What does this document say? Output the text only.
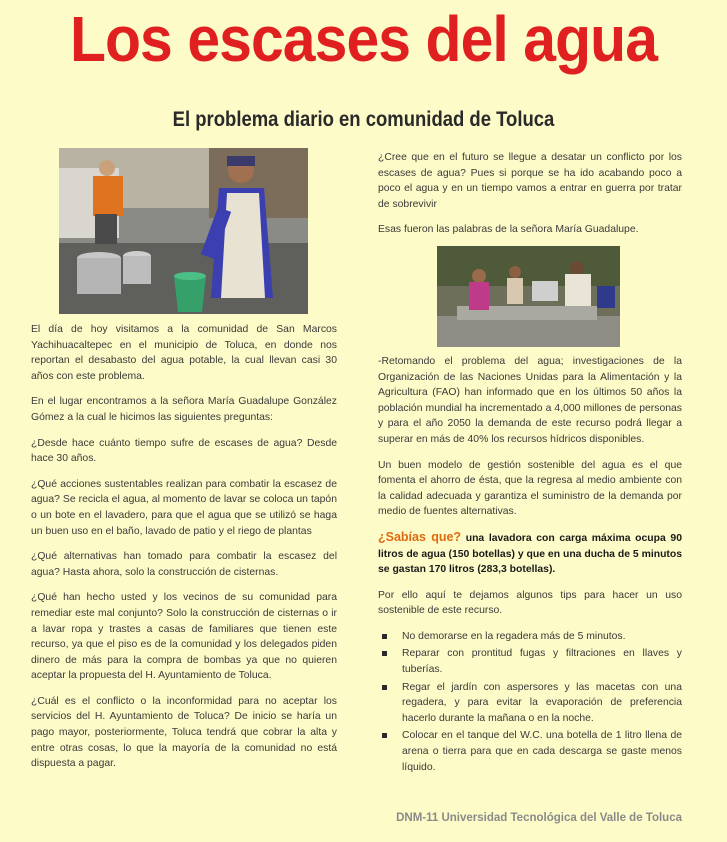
Los escases del agua
El problema diario en comunidad de Toluca

El día de hoy visitamos a la comunidad de San Marcos Yachihuacaltepec en el municipio de Toluca, en donde nos reportan el desabasto del agua potable, la cual llevan casi 30 años con este problema.

En el lugar encontramos a la señora María Guadalupe González Gómez a la cual le hicimos las siguientes preguntas:

¿Desde hace cuánto tiempo sufre de escases de agua? Desde hace 30 años.

¿Qué acciones sustentables realizan para combatir la escasez de agua? Se recicla el agua, al momento de lavar se coloca un tapón o un bote en el lavadero, para que el agua que se utilizó se haga un buen uso en el baño, lavado de patio y el riego de plantas

¿Qué alternativas han tomado para combatir la escasez del agua? Hasta ahora, solo la construcción de cisternas.

¿Qué han hecho usted y los vecinos de su comunidad para remediar este mal conjunto? Solo la construcción de cisternas o ir a lavar ropa y trastes a casas de familiares que tienen este recurso, ya que el piso es de la comunidad y los delegados piden dinero de más para la compra de bombas ya que no quieren aceptar la propuesta del H. Ayuntamiento de Toluca.

¿Cuál es el conflicto o la inconformidad para no aceptar los servicios del H. Ayuntamiento de Toluca? De inicio se haría un pago mayor, posteriormente, Toluca tendrá que cobrar la alta y entre otras cosas, lo que la mayoría de la comunidad no está dispuesta a pagar.

¿Cree que en el futuro se llegue a desatar un conflicto por los escases de agua? Pues si porque se ha ido acabando poco a poco el agua y en un tiempo vamos a entrar en guerra por tratar de sobrevivir

Esas fueron las palabras de la señora María Guadalupe.

-Retomando el problema del agua; investigaciones de la Organización de las Naciones Unidas para la Alimentación y la Agricultura (FAO) han informado que en los últimos 50 años la población mundial ha incrementado a 4,000 millones de personas y para el año 2050 la demanda de este recurso podrá llegar a superar en más de 40% los recursos hídricos disponibles.

Un buen modelo de gestión sostenible del agua es el que fomenta el ahorro de ésta, que la regresa al medio ambiente con la calidad adecuada y garantiza el suministro de la demanda por medio de fuentes alternativas.

¿Sabías que? una lavadora con carga máxima ocupa 90 litros de agua (150 botellas) y que en una ducha de 5 minutos se gastan 170 litros (283,3 botellas).

Por ello aquí te dejamos algunos tips para hacer un uso sostenible de este recurso.

No demorarse en la regadera más de 5 minutos.
Reparar con prontitud fugas y filtraciones en llaves y tuberías.
Regar el jardín con aspersores y las macetas con una regadera, y para evitar la evaporación de preferencia hacerlo durante la mañana o en la noche.
Colocar en el tanque del W.C. una botella de 1 litro llena de arena o tierra para que en cada descarga se gaste menos líquido.
DNM-11 Universidad Tecnológica del Valle de Toluca
